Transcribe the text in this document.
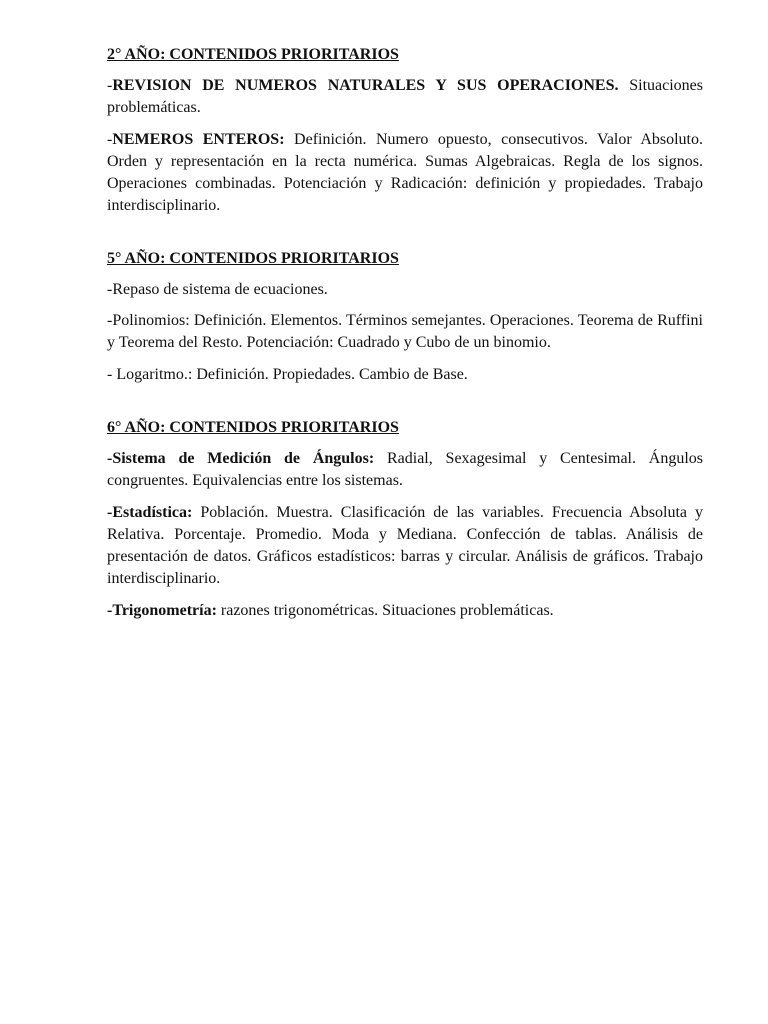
2° AÑO: CONTENIDOS PRIORITARIOS

-REVISION DE NUMEROS NATURALES Y SUS OPERACIONES. Situaciones problemáticas.

-NEMEROS ENTEROS: Definición. Numero opuesto, consecutivos. Valor Absoluto. Orden y representación en la recta numérica. Sumas Algebraicas. Regla de los signos. Operaciones combinadas. Potenciación y Radicación: definición y propiedades. Trabajo interdisciplinario.

5° AÑO: CONTENIDOS PRIORITARIOS

-Repaso de sistema de ecuaciones.

-Polinomios: Definición. Elementos. Términos semejantes. Operaciones. Teorema de Ruffini y Teorema del Resto. Potenciación: Cuadrado y Cubo de un binomio.

- Logaritmo.: Definición. Propiedades. Cambio de Base.

6° AÑO: CONTENIDOS PRIORITARIOS

-Sistema de Medición de Ángulos: Radial, Sexagesimal y Centesimal. Ángulos congruentes. Equivalencias entre los sistemas.

-Estadística: Población. Muestra. Clasificación de las variables. Frecuencia Absoluta y Relativa. Porcentaje. Promedio. Moda y Mediana. Confección de tablas. Análisis de presentación de datos. Gráficos estadísticos: barras y circular. Análisis de gráficos. Trabajo interdisciplinario.

-Trigonometría: razones trigonométricas. Situaciones problemáticas.
